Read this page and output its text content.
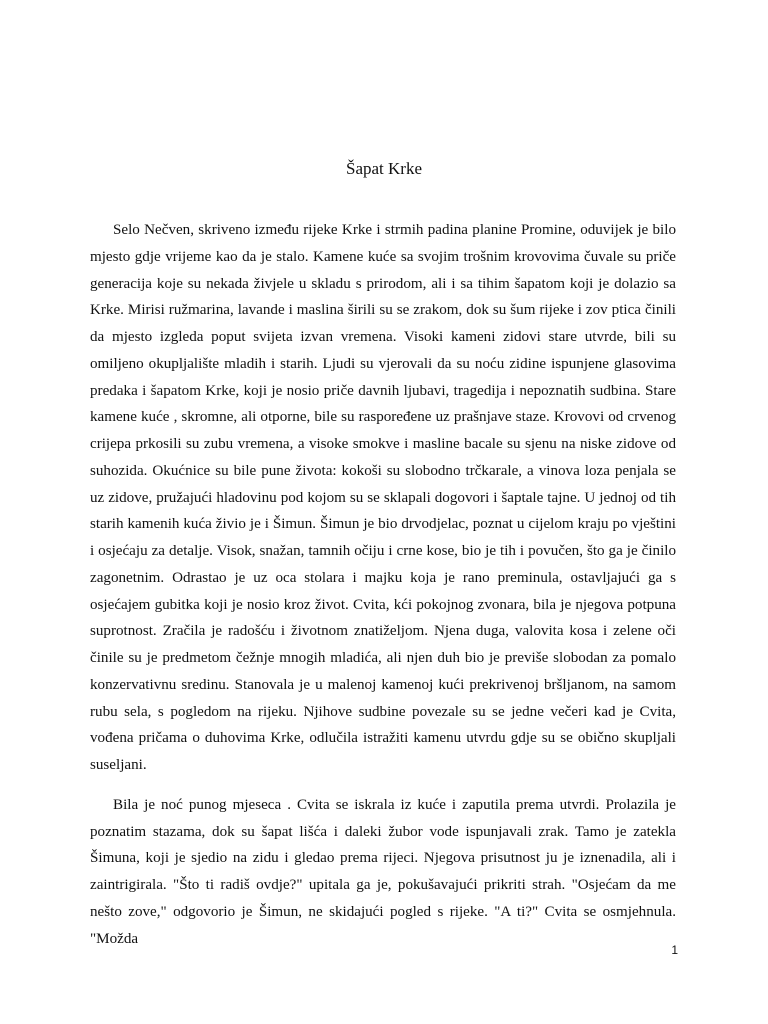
Šapat Krke

Selo Nečven, skriveno između rijeke Krke i strmih padina planine Promine, oduvijek je bilo mjesto gdje vrijeme kao da je stalo. Kamene kuće sa svojim trošnim krovovima čuvale su priče generacija koje su nekada živjele u skladu s prirodom, ali i sa tihim šapatom koji je dolazio sa Krke. Mirisi ružmarina, lavande i maslina širili su se zrakom, dok su šum rijeke i zov ptica činili da mjesto izgleda poput svijeta izvan vremena. Visoki kameni zidovi stare utvrde, bili su omiljeno okupljalište mladih i starih. Ljudi su vjerovali da su noću zidine ispunjene glasovima predaka i šapatom Krke, koji je nosio priče davnih ljubavi, tragedija i nepoznatih sudbina. Stare kamene kuće , skromne, ali otporne, bile su raspoređene uz prašnjave staze. Krovovi od crvenog crijepa prkosili su zubu vremena, a visoke smokve i masline bacale su sjenu na niske zidove od suhozida. Okućnice su bile pune života: kokoši su slobodno trčkarale, a vinova loza penjala se uz zidove, pružajući hladovinu pod kojom su se sklapali dogovori i šaptale tajne. U jednoj od tih starih kamenih kuća živio je i Šimun. Šimun je bio drvodjelac, poznat u cijelom kraju po vještini i osjećaju za detalje. Visok, snažan, tamnih očiju i crne kose, bio je tih i povučen, što ga je činilo zagonetnim. Odrastao je uz oca stolara i majku koja je rano preminula, ostavljajući ga s osjećajem gubitka koji je nosio kroz život. Cvita, kći pokojnog zvonara, bila je njegova potpuna suprotnost. Zračila je radošću i životnom znatiželjom. Njena duga, valovita kosa i zelene oči činile su je predmetom čežnje mnogih mladića, ali njen duh bio je previše slobodan za pomalo konzervativnu sredinu. Stanovala je u malenoj kamenoj kući prekrivenoj bršljanom, na samom rubu sela, s pogledom na rijeku. Njihove sudbine povezale su se jedne večeri kad je Cvita, vođena pričama o duhovima Krke, odlučila istražiti kamenu utvrdu gdje su se obično skupljali suseljani.

Bila je noć punog mjeseca . Cvita se iskrala iz kuće i zaputila prema utvrdi. Prolazila je poznatim stazama, dok su šapat lišća i daleki žubor vode ispunjavali zrak. Tamo je zatekla Šimuna, koji je sjedio na zidu i gledao prema rijeci. Njegova prisutnost ju je iznenadila, ali i zaintrigirala. "Što ti radiš ovdje?" upitala ga je, pokušavajući prikriti strah. "Osjećam da me nešto zove," odgovorio je Šimun, ne skidajući pogled s rijeke. "A ti?" Cvita se osmjehnula. "Možda

1
